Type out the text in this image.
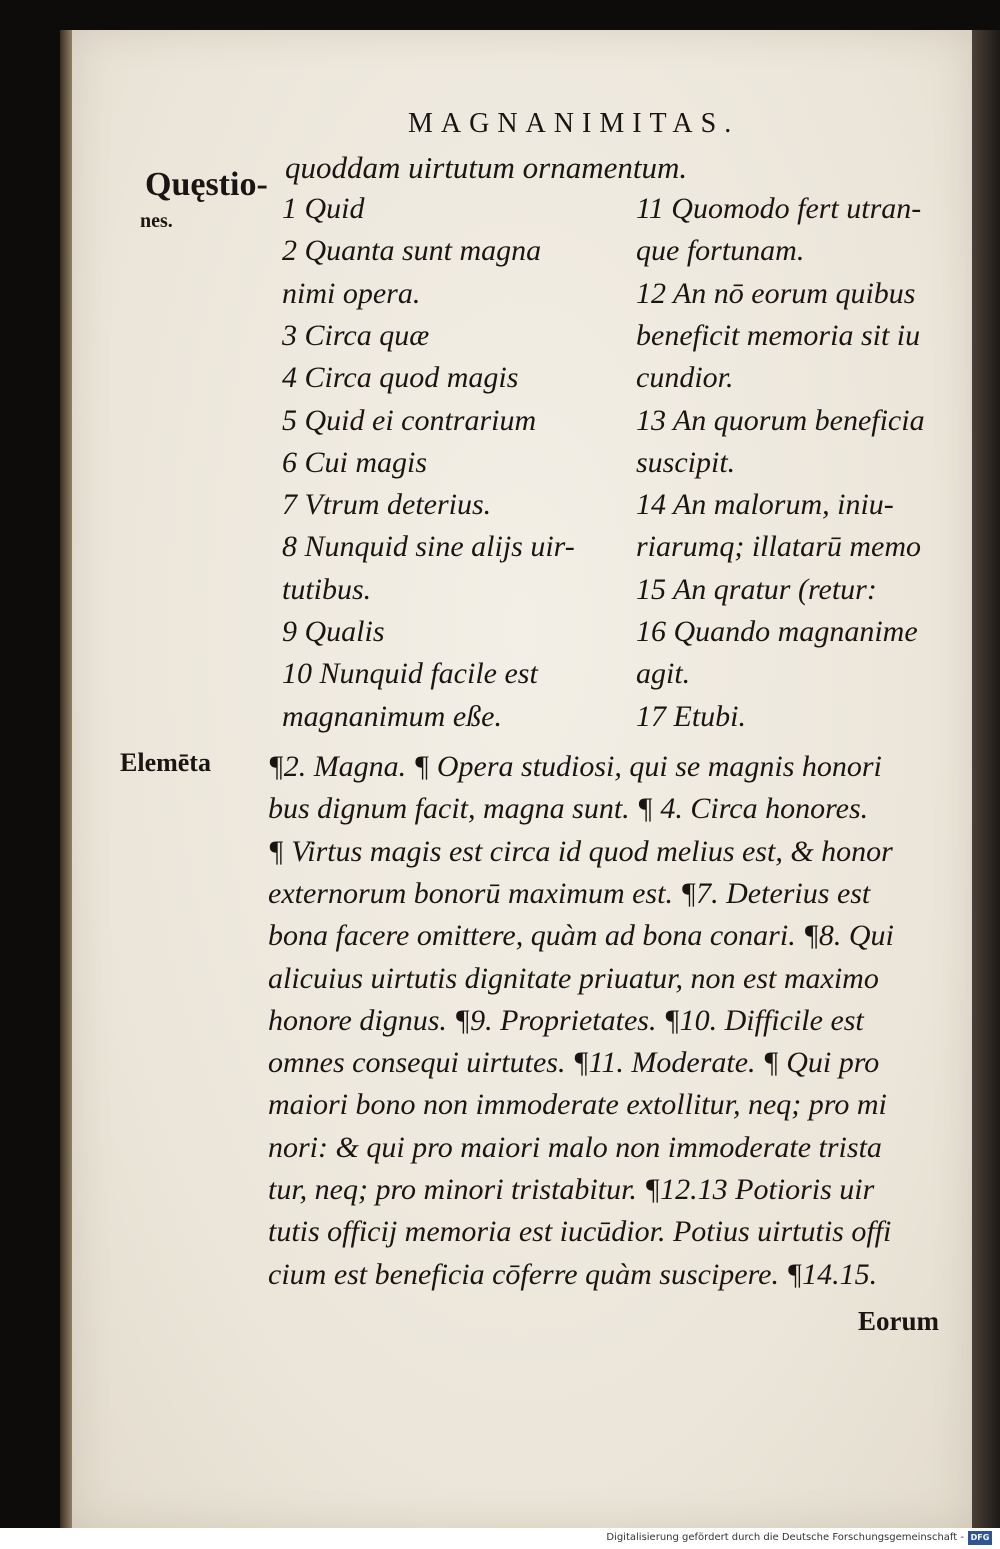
MAGNANIMITAS.
Quęstio-
nes.
Elemēta
quoddam uirtutum ornamentum.
1 Quid
2 Quanta sunt magna
nimi opera.
3 Circa quæ
4 Circa quod magis
5 Quid ei contrarium
6 Cui magis
7 Vtrum deterius.
8 Nunquid sine alijs uir-
tutibus.
9 Qualis
10 Nunquid facile est
magnanimum eße.
11 Quomodo fert utran-
que fortunam.
12 An nō eorum quibus
beneficit memoria sit iu
cundior.
13 An quorum beneficia
suscipit.
14 An malorum, iniu-
riarumq; illatarū memo
15 An qratur (retur:
16 Quando magnanime
agit.
17 Etubi.
¶2. Magna. ¶ Opera studiosi, qui se magnis honori
bus dignum facit, magna sunt. ¶ 4. Circa honores.
¶ Virtus magis est circa id quod melius est, & honor
externorum bonorū maximum est. ¶7. Deterius est
bona facere omittere, quàm ad bona conari. ¶8. Qui
alicuius uirtutis dignitate priuatur, non est maximo
honore dignus. ¶9. Proprietates. ¶10. Difficile est
omnes consequi uirtutes. ¶11. Moderate. ¶ Qui pro
maiori bono non immoderate extollitur, neq; pro mi
nori: & qui pro maiori malo non immoderate trista
tur, neq; pro minori tristabitur. ¶12.13 Potioris uir
tutis officij memoria est iucūdior. Potius uirtutis offi
cium est beneficia cōferre quàm suscipere. ¶14.15.
Eorum
Digitalisierung gefördert durch die Deutsche Forschungsgemeinschaft - DFG
